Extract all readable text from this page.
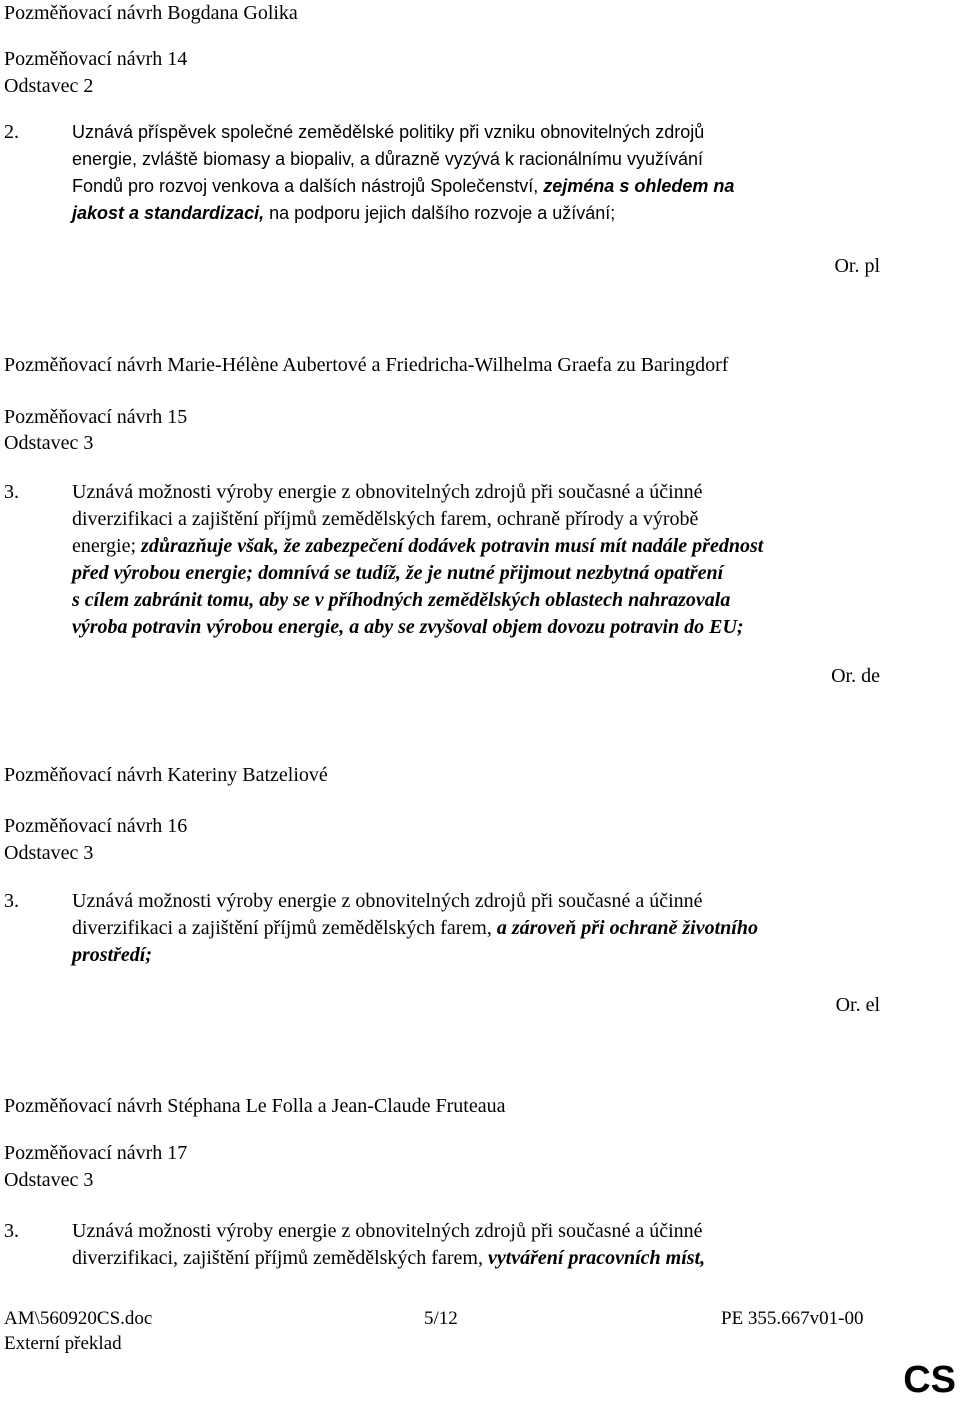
Pozměňovací návrh Bogdana Golika
Pozměňovací návrh 14
Odstavec 2
2.	Uznává příspěvek společné zemědělské politiky při vzniku obnovitelných zdrojů
energie, zvláště biomasy a biopaliv, a důrazně vyzývá k racionálnímu využívání
Fondů pro rozvoj venkova a dalších nástrojů Společenství, zejména s ohledem na
jakost a standardizaci, na podporu jejich dalšího rozvoje a užívání;
Or. pl
Pozměňovací návrh Marie-Hélène Aubertové a Friedricha-Wilhelma Graefa zu Baringdorf
Pozměňovací návrh 15
Odstavec 3
3.	Uznává možnosti výroby energie z obnovitelných zdrojů při současné a účinné
diverzifikaci a zajištění příjmů zemědělských farem, ochraně přírody a výrobě
energie; zdůrazňuje však, že zabezpečení dodávek potravin musí mít nadále přednost
před výrobou energie; domnívá se tudíž, že je nutné přijmout nezbytná opatření
s cílem zabránit tomu, aby se v příhodných zemědělských oblastech nahrazovala
výroba potravin výrobou energie, a aby se zvyšoval objem dovozu potravin do EU;
Or. de
Pozměňovací návrh Kateriny Batzeliové
Pozměňovací návrh 16
Odstavec 3
3.	Uznává možnosti výroby energie z obnovitelných zdrojů při současné a účinné
diverzifikaci a zajištění příjmů zemědělských farem, a zároveň při ochraně životního
prostředí;
Or. el
Pozměňovací návrh Stéphana Le Folla a Jean-Claude Fruteaua
Pozměňovací návrh 17
Odstavec 3
3.	Uznává možnosti výroby energie z obnovitelných zdrojů při současné a účinné
diverzifikaci, zajištění příjmů zemědělských farem, vytváření pracovních míst,
AM\560920CS.doc	5/12	PE 355.667v01-00
Externí překlad
CS
